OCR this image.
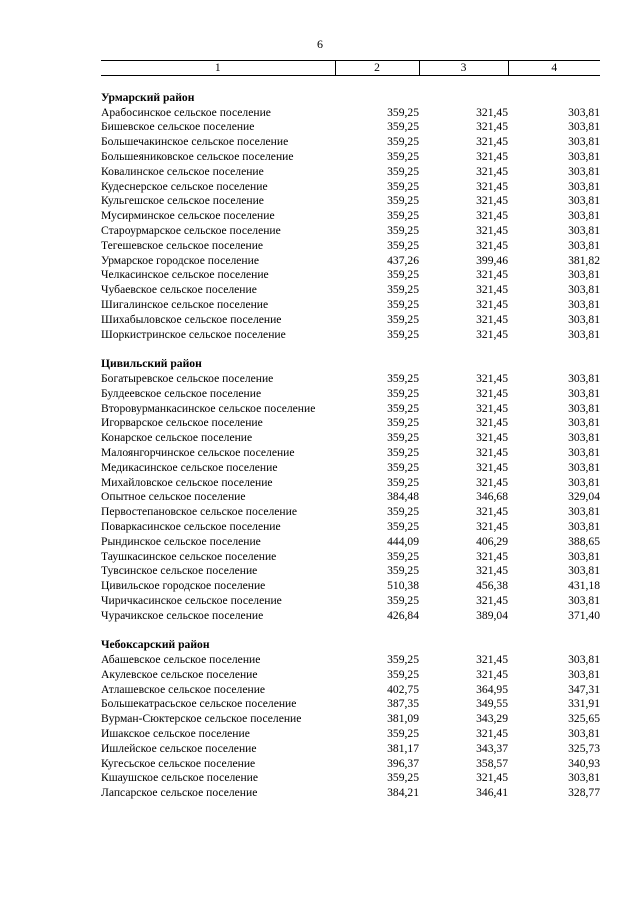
6
1	2	3	4

Урмарский район			
Арабосинское сельское поселение	359,25	321,45	303,81
Бишевское сельское поселение	359,25	321,45	303,81
Большечакинское сельское поселение	359,25	321,45	303,81
Большеяниковское сельское поселение	359,25	321,45	303,81
Ковалинское сельское поселение	359,25	321,45	303,81
Кудеснерское сельское поселение	359,25	321,45	303,81
Кульгешское сельское поселение	359,25	321,45	303,81
Мусирминское сельское поселение	359,25	321,45	303,81
Староурмарское сельское поселение	359,25	321,45	303,81
Тегешевское сельское поселение	359,25	321,45	303,81
Урмарское городское поселение	437,26	399,46	381,82
Челкасинское сельское поселение	359,25	321,45	303,81
Чубаевское сельское поселение	359,25	321,45	303,81
Шигалинское сельское поселение	359,25	321,45	303,81
Шихабыловское сельское поселение	359,25	321,45	303,81
Шоркистринское сельское поселение	359,25	321,45	303,81

Цивильский район			
Богатыревское сельское поселение	359,25	321,45	303,81
Булдеевское сельское поселение	359,25	321,45	303,81
Второвурманкасинское сельское поселение	359,25	321,45	303,81
Игорварское сельское поселение	359,25	321,45	303,81
Конарское сельское поселение	359,25	321,45	303,81
Малоянгорчинское сельское поселение	359,25	321,45	303,81
Медикасинское сельское поселение	359,25	321,45	303,81
Михайловское сельское поселение	359,25	321,45	303,81
Опытное сельское поселение	384,48	346,68	329,04
Первостепановское сельское поселение	359,25	321,45	303,81
Поваркасинское сельское поселение	359,25	321,45	303,81
Рындинское сельское поселение	444,09	406,29	388,65
Таушкасинское сельское поселение	359,25	321,45	303,81
Тувсинское сельское поселение	359,25	321,45	303,81
Цивильское городское поселение	510,38	456,38	431,18
Чиричкасинское сельское поселение	359,25	321,45	303,81
Чурачикское сельское поселение	426,84	389,04	371,40

Чебоксарский район			
Абашевское сельское поселение	359,25	321,45	303,81
Акулевское сельское поселение	359,25	321,45	303,81
Атлашевское сельское поселение	402,75	364,95	347,31
Большекатрасьское сельское поселение	387,35	349,55	331,91
Вурман-Сюктерское сельское поселение	381,09	343,29	325,65
Ишакское сельское поселение	359,25	321,45	303,81
Ишлейское сельское поселение	381,17	343,37	325,73
Кугесьское сельское поселение	396,37	358,57	340,93
Кшаушское сельское поселение	359,25	321,45	303,81
Лапсарское сельское поселение	384,21	346,41	328,77
